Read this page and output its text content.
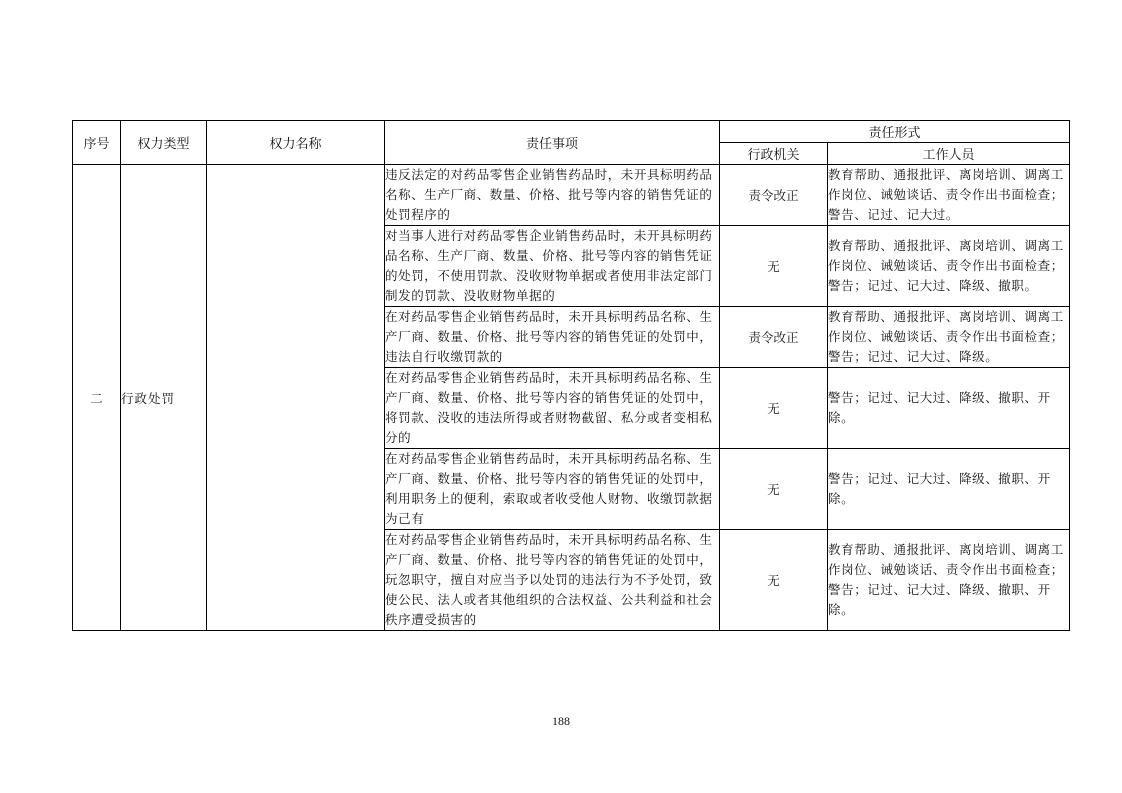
序号	权力类型	权力名称	责任事项	责任形式	
				行政机关	工作人员
二	行政处罚		违反法定的对药品零售企业销售药品时，未开具标明药品名称、生产厂商、数量、价格、批号等内容的销售凭证的处罚程序的	责令改正	教育帮助、通报批评、离岗培训、调离工作岗位、诫勉谈话、责令作出书面检查；警告、记过、记大过。
			对当事人进行对药品零售企业销售药品时，未开具标明药品名称、生产厂商、数量、价格、批号等内容的销售凭证的处罚，不使用罚款、没收财物单据或者使用非法定部门制发的罚款、没收财物单据的	无	教育帮助、通报批评、离岗培训、调离工作岗位、诫勉谈话、责令作出书面检查；警告；记过、记大过、降级、撤职。
			在对药品零售企业销售药品时，未开具标明药品名称、生产厂商、数量、价格、批号等内容的销售凭证的处罚中，违法自行收缴罚款的	责令改正	教育帮助、通报批评、离岗培训、调离工作岗位、诫勉谈话、责令作出书面检查；警告；记过、记大过、降级。
			在对药品零售企业销售药品时，未开具标明药品名称、生产厂商、数量、价格、批号等内容的销售凭证的处罚中，将罚款、没收的违法所得或者财物截留、私分或者变相私分的	无	警告；记过、记大过、降级、撤职、开除。
			在对药品零售企业销售药品时，未开具标明药品名称、生产厂商、数量、价格、批号等内容的销售凭证的处罚中，利用职务上的便利，索取或者收受他人财物、收缴罚款据为己有	无	警告；记过、记大过、降级、撤职、开除。
			在对药品零售企业销售药品时，未开具标明药品名称、生产厂商、数量、价格、批号等内容的销售凭证的处罚中，玩忽职守，擅自对应当予以处罚的违法行为不予处罚，致使公民、法人或者其他组织的合法权益、公共利益和社会秩序遭受损害的	无	教育帮助、通报批评、离岗培训、调离工作岗位、诫勉谈话、责令作出书面检查；警告；记过、记大过、降级、撤职、开除。
188
